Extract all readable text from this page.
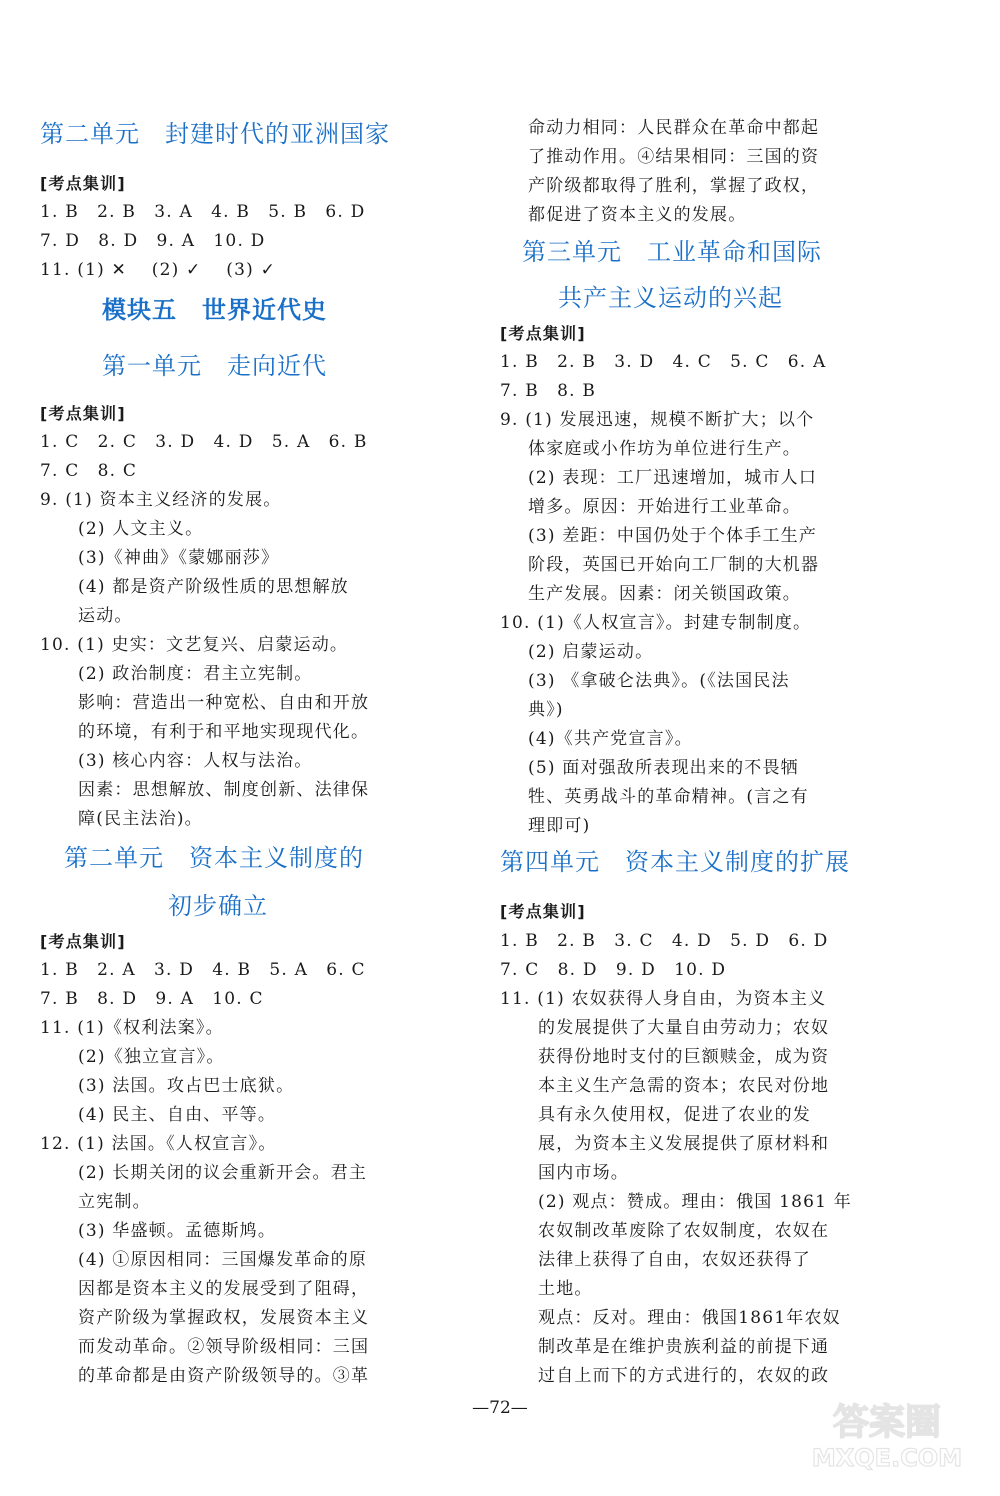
第二单元　封建时代的亚洲国家
[考点集训]
1. B　2. B　3. A　4. B　5. B　6. D
7. D　8. D　9. A　10. D
11. (1) ✕　 (2) ✓　 (3) ✓
模块五　世界近代史
第一单元　走向近代
[考点集训]
1. C　2. C　3. D　4. D　5. A　6. B
7. C　8. C
9. (1) 资本主义经济的发展。
(2) 人文主义。
(3)《神曲》《蒙娜丽莎》
(4) 都是资产阶级性质的思想解放
运动。
10. (1) 史实：文艺复兴、启蒙运动。
(2) 政治制度：君主立宪制。
影响：营造出一种宽松、自由和开放
的环境，有利于和平地实现现代化。
(3) 核心内容：人权与法治。
因素：思想解放、制度创新、法律保
障(民主法治)。
第二单元　资本主义制度的
初步确立
[考点集训]
1. B　2. A　3. D　4. B　5. A　6. C
7. B　8. D　9. A　10. C
11. (1)《权利法案》。
(2)《独立宣言》。
(3) 法国。攻占巴士底狱。
(4) 民主、自由、平等。
12. (1) 法国。《人权宣言》。
(2) 长期关闭的议会重新开会。君主
立宪制。
(3) 华盛顿。孟德斯鸠。
(4) ①原因相同：三国爆发革命的原
因都是资本主义的发展受到了阻碍，
资产阶级为掌握政权，发展资本主义
而发动革命。②领导阶级相同：三国
的革命都是由资产阶级领导的。③革
命动力相同：人民群众在革命中都起
了推动作用。④结果相同：三国的资
产阶级都取得了胜利，掌握了政权，
都促进了资本主义的发展。
第三单元　工业革命和国际
共产主义运动的兴起
[考点集训]
1. B　2. B　3. D　4. C　5. C　6. A
7. B　8. B
9. (1) 发展迅速，规模不断扩大；以个
体家庭或小作坊为单位进行生产。
(2) 表现：工厂迅速增加，城市人口
增多。原因：开始进行工业革命。
(3) 差距：中国仍处于个体手工生产
阶段，英国已开始向工厂制的大机器
生产发展。因素：闭关锁国政策。
10. (1)《人权宣言》。封建专制制度。
(2) 启蒙运动。
(3) 《拿破仑法典》。(《法国民法
典》)
(4)《共产党宣言》。
(5) 面对强敌所表现出来的不畏牺
牲、英勇战斗的革命精神。(言之有
理即可)
第四单元　资本主义制度的扩展
[考点集训]
1. B　2. B　3. C　4. D　5. D　6. D
7. C　8. D　9. D　10. D
11. (1) 农奴获得人身自由，为资本主义
的发展提供了大量自由劳动力；农奴
获得份地时支付的巨额赎金，成为资
本主义生产急需的资本；农民对份地
具有永久使用权，促进了农业的发
展，为资本主义发展提供了原材料和
国内市场。
(2) 观点：赞成。理由：俄国 1861 年
农奴制改革废除了农奴制度，农奴在
法律上获得了自由，农奴还获得了
土地。
观点：反对。理由：俄国1861年农奴
制改革是在维护贵族利益的前提下通
过自上而下的方式进行的，农奴的政
—72—	答案圈
MXQE.COM
